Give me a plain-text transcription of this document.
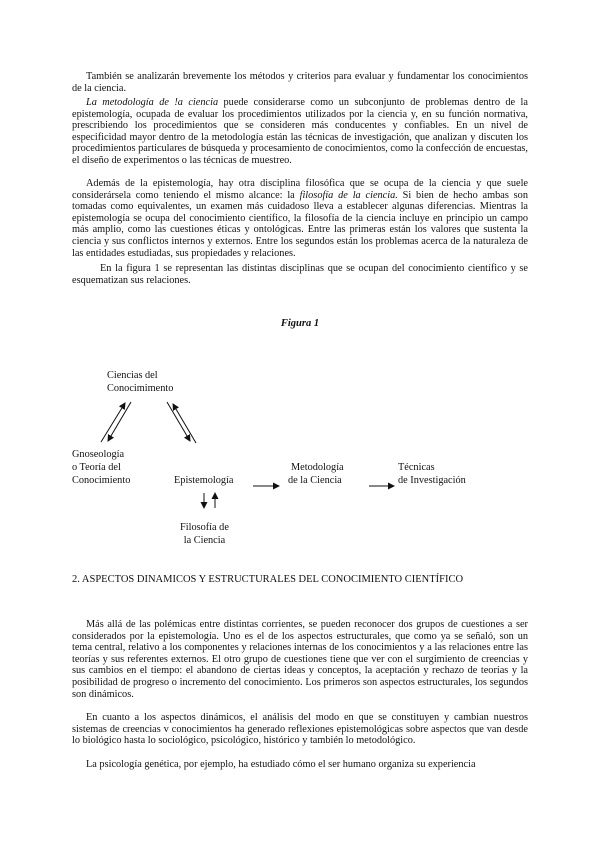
También se analizarán brevemente los métodos y criterios para evaluar y fundamentar los conocimientos de la ciencia.

La metodología de !a ciencia puede considerarse como un subconjunto de problemas dentro de la epistemología, ocupada de evaluar los procedimientos utilizados por la ciencia y, en su función normativa, prescribiendo los procedimientos que se consideren más conducentes y confiables. En un nivel de especificidad mayor dentro de la metodología están las técnicas de investigación, que analizan y discuten los procedimientos particulares de búsqueda y procesamiento de conocimientos, como la confección de encuestas, el diseño de experimentos o las técnicas de muestreo.

Además de la epistemología, hay otra disciplina filosófica que se ocupa de la ciencia y que suele considerársela como teniendo el mismo alcance: la filosofía de la ciencia. Si bien de hecho ambas son tomadas como equivalentes, un examen más cuidadoso lleva a establecer algunas diferencias. Mientras la epistemología se ocupa del conocimiento científico, la filosofía de la ciencia incluye en principio un campo más amplio, como las cuestiones éticas y ontológicas. Entre las primeras están los valores que sustenta la ciencia y sus conflictos internos y externos. Entre los segundos están los problemas acerca de la naturaleza de las entidades estudiadas, sus propiedades y relaciones.

En la figura 1 se representan las distintas disciplinas que se ocupan del conocimiento científico y se esquematizan sus relaciones.

Figura 1
Ciencias del
Conocimimento
Gnoseología
o Teoría del
Conocimiento	Epistemología
Metodología
de la Ciencia
Técnicas
de Investigación
Filosofía de
la Ciencia
2. ASPECTOS DINAMICOS Y ESTRUCTURALES DEL CONOCIMIENTO CIENTÍFICO

Más allá de las polémicas entre distintas corrientes, se pueden reconocer dos grupos de cuestiones a ser considerados por la epistemología. Uno es el de los aspectos estructurales, que como ya se señaló, son un tema central, relativo a los componentes y relaciones internas de los conocimientos y a las relaciones entre las teorías y sus referentes externos. El otro grupo de cuestiones tiene que ver con el surgimiento de creencias y sus cambios en el tiempo: el abandono de ciertas ideas y conceptos, la aceptación y rechazo de teorías y la posibilidad de progreso o incremento del conocimiento. Los primeros son aspectos estructurales, los segundos son dinámicos.

En cuanto a los aspectos dinámicos, el análisis del modo en que se constituyen y cambian nuestros sistemas de creencias v conocimientos ha generado reflexiones epistemológicas sobre aspectos que van desde lo biológico hasta lo sociológico, psicológico, histórico y también lo metodológico.

La psicología genética, por ejemplo, ha estudiado cómo el ser humano organiza su experiencia
